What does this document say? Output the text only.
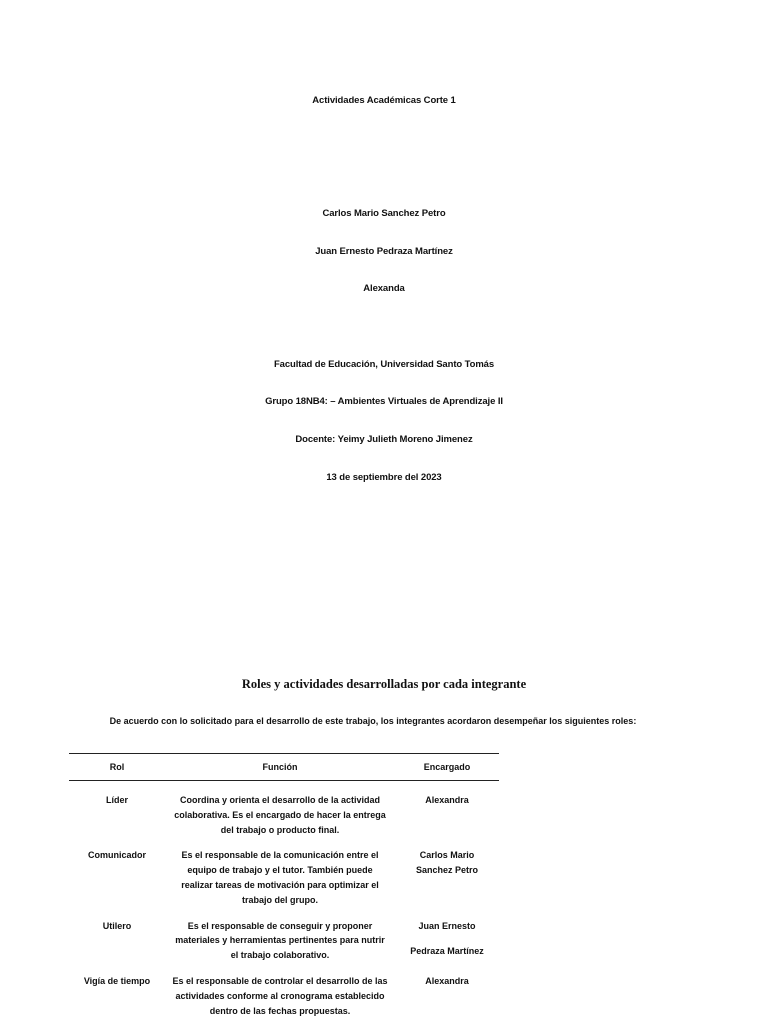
Actividades Académicas Corte 1
Carlos Mario Sanchez Petro
Juan Ernesto Pedraza Martínez
Alexanda
Facultad de Educación, Universidad Santo Tomás
Grupo 18NB4: – Ambientes Virtuales de Aprendizaje II
Docente: Yeimy Julieth Moreno Jimenez
13 de septiembre del 2023
Roles y actividades desarrolladas por cada integrante
De acuerdo con lo solicitado para el desarrollo de este trabajo, los integrantes acordaron desempeñar los siguientes roles:
Rol	Función	Encargado
Líder	Coordina y orienta el desarrollo de la actividad colaborativa. Es el encargado de hacer la entrega del trabajo o producto final.	Alexandra
Comunicador	Es el responsable de la comunicación entre el equipo de trabajo y el tutor. También puede realizar tareas de motivación para optimizar el trabajo del grupo.	Carlos Mario Sanchez Petro
Utilero	Es el responsable de conseguir y proponer materiales y herramientas pertinentes para nutrir el trabajo colaborativo.	Juan Ernesto
Pedraza Martínez

Vigía de tiempo	Es el responsable de controlar el desarrollo de las actividades conforme al cronograma establecido dentro de las fechas propuestas.	Alexandra
